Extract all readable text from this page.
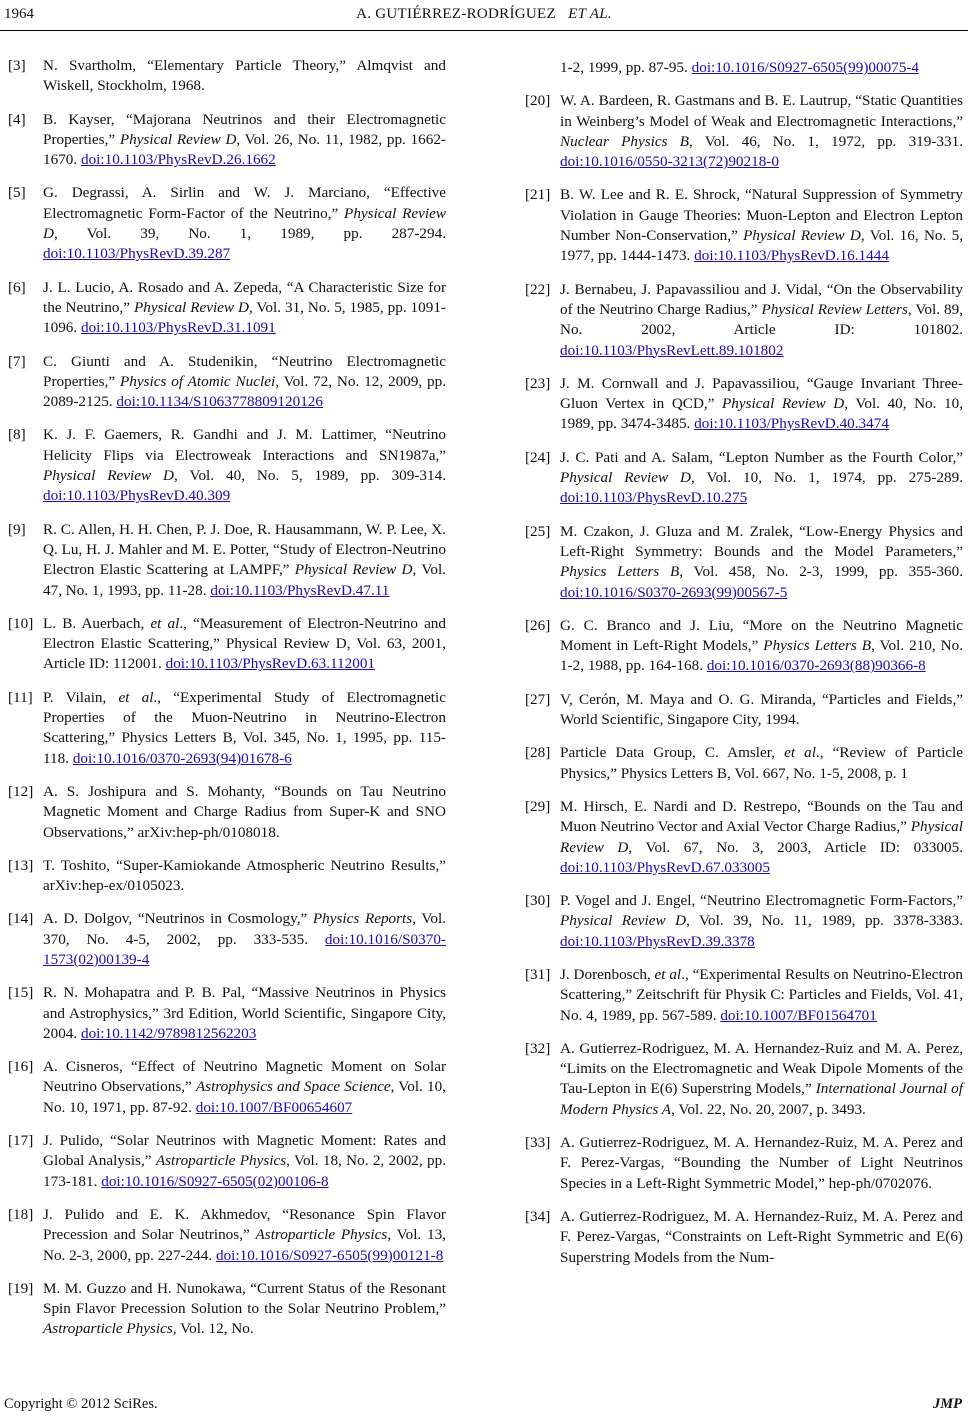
1964	A. GUTIÉRREZ-RODRÍGUEZ ET AL.
[3] N. Svartholm, “Elementary Particle Theory,” Almqvist and Wiskell, Stockholm, 1968.
[4] B. Kayser, “Majorana Neutrinos and their Electromagnetic Properties,” Physical Review D, Vol. 26, No. 11, 1982, pp. 1662-1670. doi:10.1103/PhysRevD.26.1662
[5] G. Degrassi, A. Sirlin and W. J. Marciano, “Effective Electromagnetic Form-Factor of the Neutrino,” Physical Review D, Vol. 39, No. 1, 1989, pp. 287-294. doi:10.1103/PhysRevD.39.287
[6] J. L. Lucio, A. Rosado and A. Zepeda, “A Characteristic Size for the Neutrino,” Physical Review D, Vol. 31, No. 5, 1985, pp. 1091-1096. doi:10.1103/PhysRevD.31.1091
[7] C. Giunti and A. Studenikin, “Neutrino Electromagnetic Properties,” Physics of Atomic Nuclei, Vol. 72, No. 12, 2009, pp. 2089-2125. doi:10.1134/S1063778809120126
[8] K. J. F. Gaemers, R. Gandhi and J. M. Lattimer, “Neutrino Helicity Flips via Electroweak Interactions and SN1987a,” Physical Review D, Vol. 40, No. 5, 1989, pp. 309-314. doi:10.1103/PhysRevD.40.309
[9] R. C. Allen, H. H. Chen, P. J. Doe, R. Hausammann, W. P. Lee, X. Q. Lu, H. J. Mahler and M. E. Potter, “Study of Electron-Neutrino Electron Elastic Scattering at LAMPF,” Physical Review D, Vol. 47, No. 1, 1993, pp. 11-28. doi:10.1103/PhysRevD.47.11
[10] L. B. Auerbach, et al., “Measurement of Electron-Neutrino and Electron Elastic Scattering,” Physical Review D, Vol. 63, 2001, Article ID: 112001. doi:10.1103/PhysRevD.63.112001
[11] P. Vilain, et al., “Experimental Study of Electromagnetic Properties of the Muon-Neutrino in Neutrino-Electron Scattering,” Physics Letters B, Vol. 345, No. 1, 1995, pp. 115-118. doi:10.1016/0370-2693(94)01678-6
[12] A. S. Joshipura and S. Mohanty, “Bounds on Tau Neutrino Magnetic Moment and Charge Radius from Super-K and SNO Observations,” arXiv:hep-ph/0108018.
[13] T. Toshito, “Super-Kamiokande Atmospheric Neutrino Results,” arXiv:hep-ex/0105023.
[14] A. D. Dolgov, “Neutrinos in Cosmology,” Physics Reports, Vol. 370, No. 4-5, 2002, pp. 333-535. doi:10.1016/S0370-1573(02)00139-4
[15] R. N. Mohapatra and P. B. Pal, “Massive Neutrinos in Physics and Astrophysics,” 3rd Edition, World Scientific, Singapore City, 2004. doi:10.1142/9789812562203
[16] A. Cisneros, “Effect of Neutrino Magnetic Moment on Solar Neutrino Observations,” Astrophysics and Space Science, Vol. 10, No. 10, 1971, pp. 87-92. doi:10.1007/BF00654607
[17] J. Pulido, “Solar Neutrinos with Magnetic Moment: Rates and Global Analysis,” Astroparticle Physics, Vol. 18, No. 2, 2002, pp. 173-181. doi:10.1016/S0927-6505(02)00106-8
[18] J. Pulido and E. K. Akhmedov, “Resonance Spin Flavor Precession and Solar Neutrinos,” Astroparticle Physics, Vol. 13, No. 2-3, 2000, pp. 227-244. doi:10.1016/S0927-6505(99)00121-8
[19] M. M. Guzzo and H. Nunokawa, “Current Status of the Resonant Spin Flavor Precession Solution to the Solar Neutrino Problem,” Astroparticle Physics, Vol. 12, No.
1-2, 1999, pp. 87-95. doi:10.1016/S0927-6505(99)00075-4
[20] W. A. Bardeen, R. Gastmans and B. E. Lautrup, “Static Quantities in Weinberg’s Model of Weak and Electromagnetic Interactions,” Nuclear Physics B, Vol. 46, No. 1, 1972, pp. 319-331. doi:10.1016/0550-3213(72)90218-0
[21] B. W. Lee and R. E. Shrock, “Natural Suppression of Symmetry Violation in Gauge Theories: Muon-Lepton and Electron Lepton Number Non-Conservation,” Physical Review D, Vol. 16, No. 5, 1977, pp. 1444-1473. doi:10.1103/PhysRevD.16.1444
[22] J. Bernabeu, J. Papavassiliou and J. Vidal, “On the Observability of the Neutrino Charge Radius,” Physical Review Letters, Vol. 89, No. 2002, Article ID: 101802. doi:10.1103/PhysRevLett.89.101802
[23] J. M. Cornwall and J. Papavassiliou, “Gauge Invariant Three-Gluon Vertex in QCD,” Physical Review D, Vol. 40, No. 10, 1989, pp. 3474-3485. doi:10.1103/PhysRevD.40.3474
[24] J. C. Pati and A. Salam, “Lepton Number as the Fourth Color,” Physical Review D, Vol. 10, No. 1, 1974, pp. 275-289. doi:10.1103/PhysRevD.10.275
[25] M. Czakon, J. Gluza and M. Zralek, “Low-Energy Physics and Left-Right Symmetry: Bounds and the Model Parameters,” Physics Letters B, Vol. 458, No. 2-3, 1999, pp. 355-360. doi:10.1016/S0370-2693(99)00567-5
[26] G. C. Branco and J. Liu, “More on the Neutrino Magnetic Moment in Left-Right Models,” Physics Letters B, Vol. 210, No. 1-2, 1988, pp. 164-168. doi:10.1016/0370-2693(88)90366-8
[27] V, Cerón, M. Maya and O. G. Miranda, “Particles and Fields,” World Scientific, Singapore City, 1994.
[28] Particle Data Group, C. Amsler, et al., “Review of Particle Physics,” Physics Letters B, Vol. 667, No. 1-5, 2008, p. 1
[29] M. Hirsch, E. Nardi and D. Restrepo, “Bounds on the Tau and Muon Neutrino Vector and Axial Vector Charge Radius,” Physical Review D, Vol. 67, No. 3, 2003, Article ID: 033005. doi:10.1103/PhysRevD.67.033005
[30] P. Vogel and J. Engel, “Neutrino Electromagnetic Form-Factors,” Physical Review D, Vol. 39, No. 11, 1989, pp. 3378-3383. doi:10.1103/PhysRevD.39.3378
[31] J. Dorenbosch, et al., “Experimental Results on Neutrino-Electron Scattering,” Zeitschrift für Physik C: Particles and Fields, Vol. 41, No. 4, 1989, pp. 567-589. doi:10.1007/BF01564701
[32] A. Gutierrez-Rodriguez, M. A. Hernandez-Ruiz and M. A. Perez, “Limits on the Electromagnetic and Weak Dipole Moments of the Tau-Lepton in E(6) Superstring Models,” International Journal of Modern Physics A, Vol. 22, No. 20, 2007, p. 3493.
[33] A. Gutierrez-Rodriguez, M. A. Hernandez-Ruiz, M. A. Perez and F. Perez-Vargas, “Bounding the Number of Light Neutrinos Species in a Left-Right Symmetric Model,” hep-ph/0702076.
[34] A. Gutierrez-Rodriguez, M. A. Hernandez-Ruiz, M. A. Perez and F. Perez-Vargas, “Constraints on Left-Right Symmetric and E(6) Superstring Models from the Num-
Copyright © 2012 SciRes.	JMP
